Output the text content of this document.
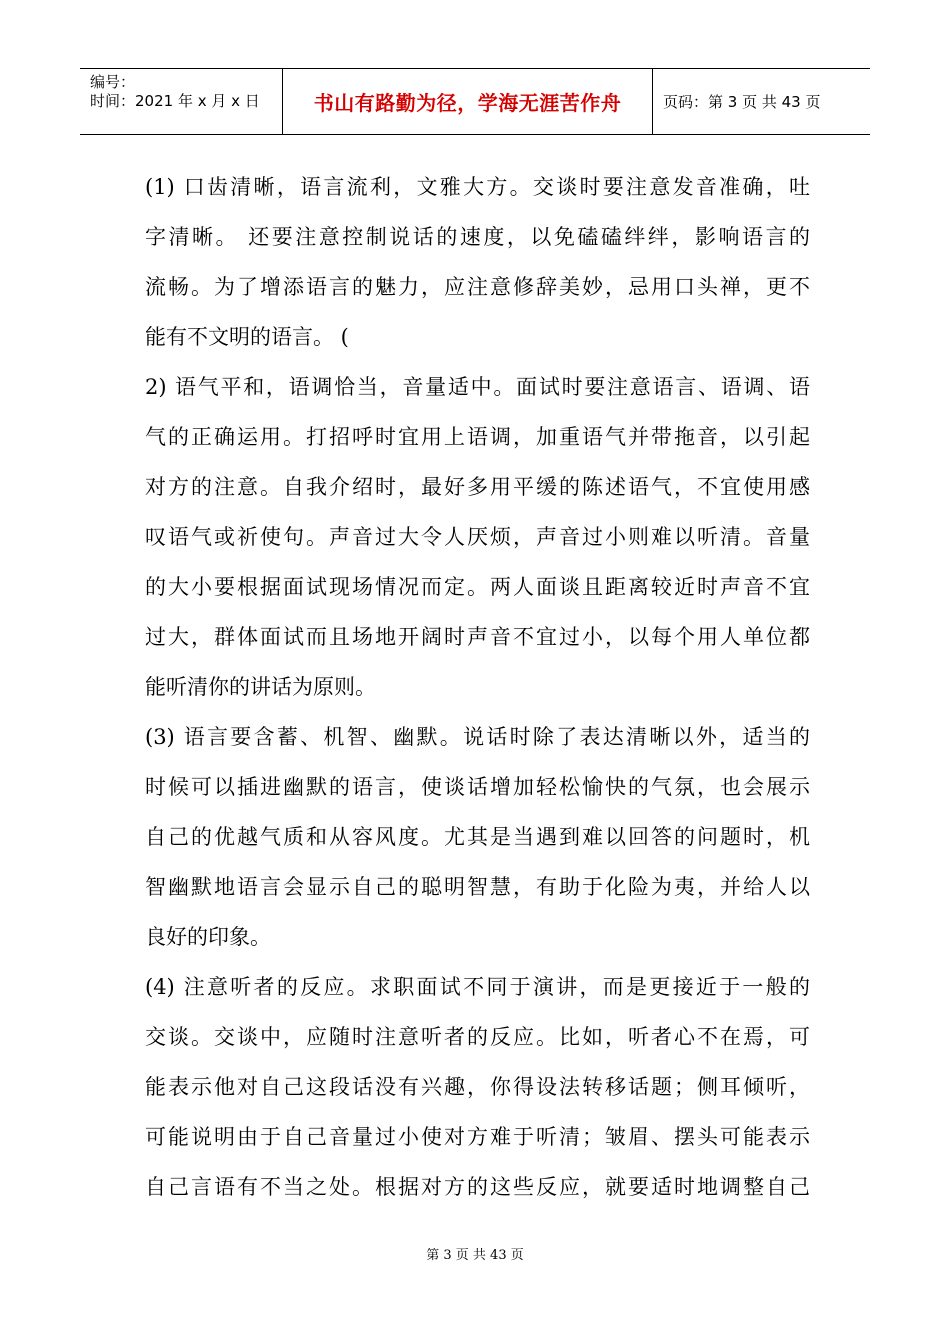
编号：
时间：2021 年 x 月 x 日	书山有路勤为径，学海无涯苦作舟	页码：第 3 页 共 43 页
(1) 口齿清晰，语言流利，文雅大方。交谈时要注意发音准确，吐
字清晰。 还要注意控制说话的速度，以免磕磕绊绊，影响语言的
流畅。为了增添语言的魅力，应注意修辞美妙，忌用口头禅，更不
能有不文明的语言。 (
2) 语气平和，语调恰当，音量适中。面试时要注意语言、语调、语
气的正确运用。打招呼时宜用上语调，加重语气并带拖音，以引起
对方的注意。自我介绍时，最好多用平缓的陈述语气，不宜使用感
叹语气或祈使句。声音过大令人厌烦，声音过小则难以听清。音量
的大小要根据面试现场情况而定。两人面谈且距离较近时声音不宜
过大，群体面试而且场地开阔时声音不宜过小，以每个用人单位都
能听清你的讲话为原则。
(3) 语言要含蓄、机智、幽默。说话时除了表达清晰以外，适当的
时候可以插进幽默的语言，使谈话增加轻松愉快的气氛，也会展示
自己的优越气质和从容风度。尤其是当遇到难以回答的问题时，机
智幽默地语言会显示自己的聪明智慧，有助于化险为夷，并给人以
良好的印象。
(4) 注意听者的反应。求职面试不同于演讲，而是更接近于一般的
交谈。交谈中，应随时注意听者的反应。比如，听者心不在焉，可
能表示他对自己这段话没有兴趣，你得设法转移话题；侧耳倾听，
可能说明由于自己音量过小使对方难于听清；皱眉、摆头可能表示
自己言语有不当之处。根据对方的这些反应，就要适时地调整自己
第 3 页 共 43 页
